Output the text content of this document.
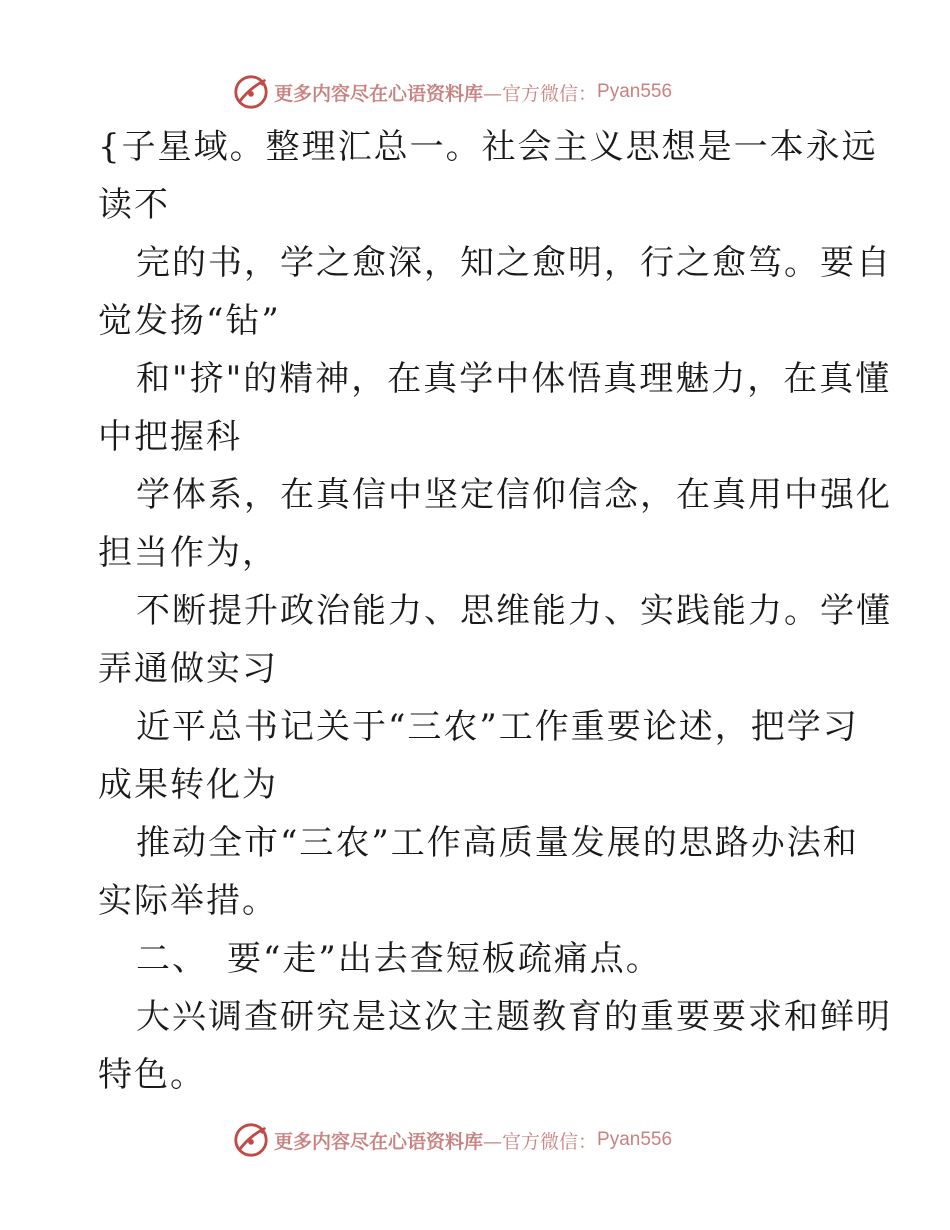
更多内容尽在心语资料库 —官方微信： Pyan556
{子星域。整理汇总一。社会主义思想是一本永远
读不
完的书，学之愈深，知之愈明，行之愈笃。要自
觉发扬“钻”
和"挤"的精神，在真学中体悟真理魅力，在真懂
中把握科
学体系，在真信中坚定信仰信念，在真用中强化
担当作为，
不断提升政治能力、思维能力、实践能力。学懂
弄通做实习
近平总书记关于“三农”工作重要论述，把学习
成果转化为
推动全市“三农”工作高质量发展的思路办法和
实际举措。
二、　要“走”出去查短板疏痛点。
大兴调查研究是这次主题教育的重要要求和鲜明
特色。
更多内容尽在心语资料库 —官方微信： Pyan556
